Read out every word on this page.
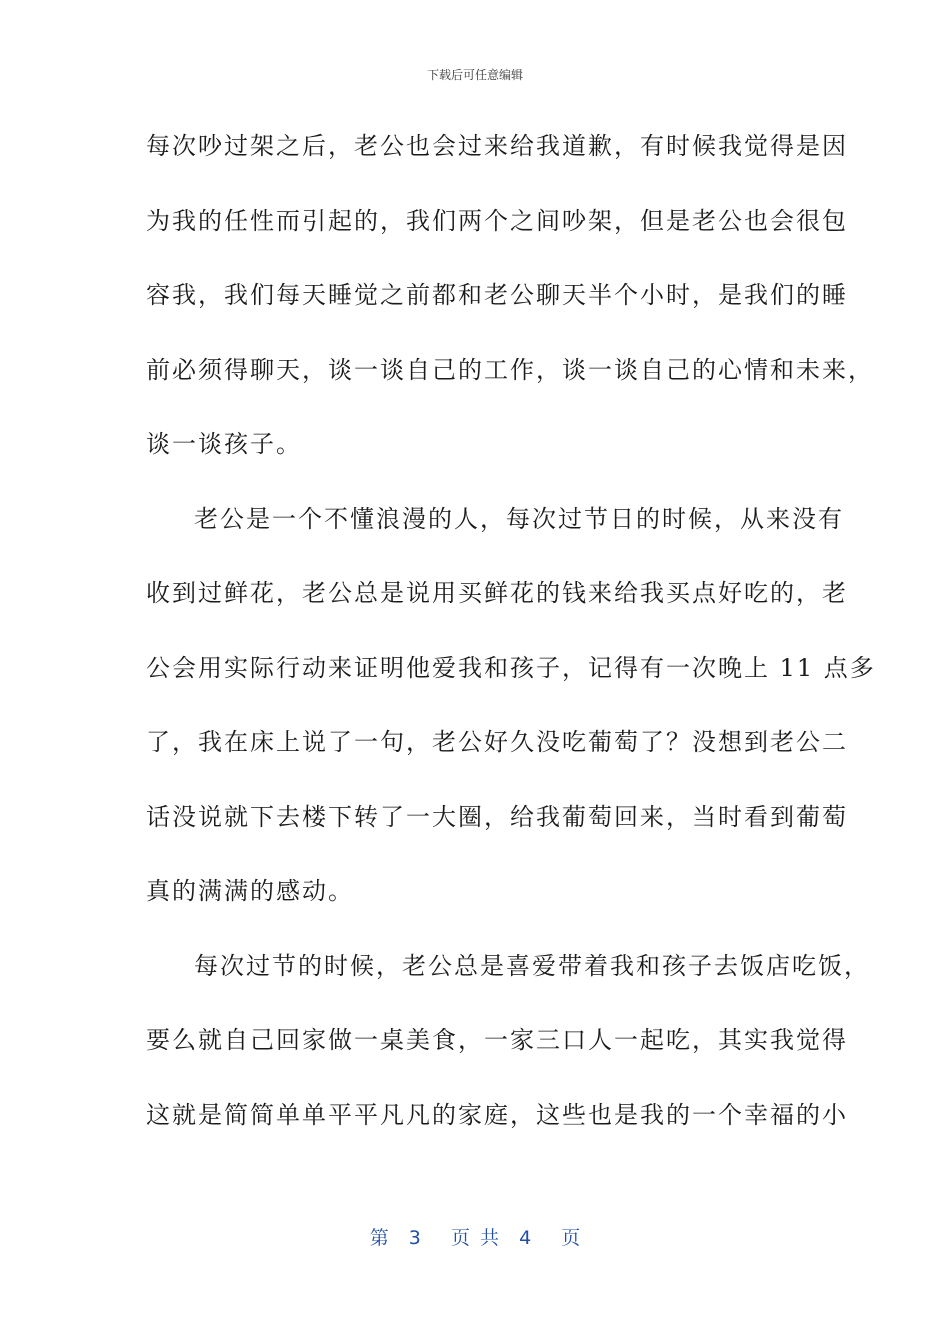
下载后可任意编辑
每次吵过架之后，老公也会过来给我道歉，有时候我觉得是因
为我的任性而引起的，我们两个之间吵架，但是老公也会很包
容我，我们每天睡觉之前都和老公聊天半个小时，是我们的睡
前必须得聊天，谈一谈自己的工作，谈一谈自己的心情和未来，
谈一谈孩子。
老公是一个不懂浪漫的人，每次过节日的时候，从来没有
收到过鲜花，老公总是说用买鲜花的钱来给我买点好吃的，老
公会用实际行动来证明他爱我和孩子，记得有一次晚上 11 点多
了，我在床上说了一句，老公好久没吃葡萄了？没想到老公二
话没说就下去楼下转了一大圈，给我葡萄回来，当时看到葡萄
真的满满的感动。
每次过节的时候，老公总是喜爱带着我和孩子去饭店吃饭，
要么就自己回家做一桌美食，一家三口人一起吃，其实我觉得
这就是简简单单平平凡凡的家庭，这些也是我的一个幸福的小
第  3   页 共  4   页
